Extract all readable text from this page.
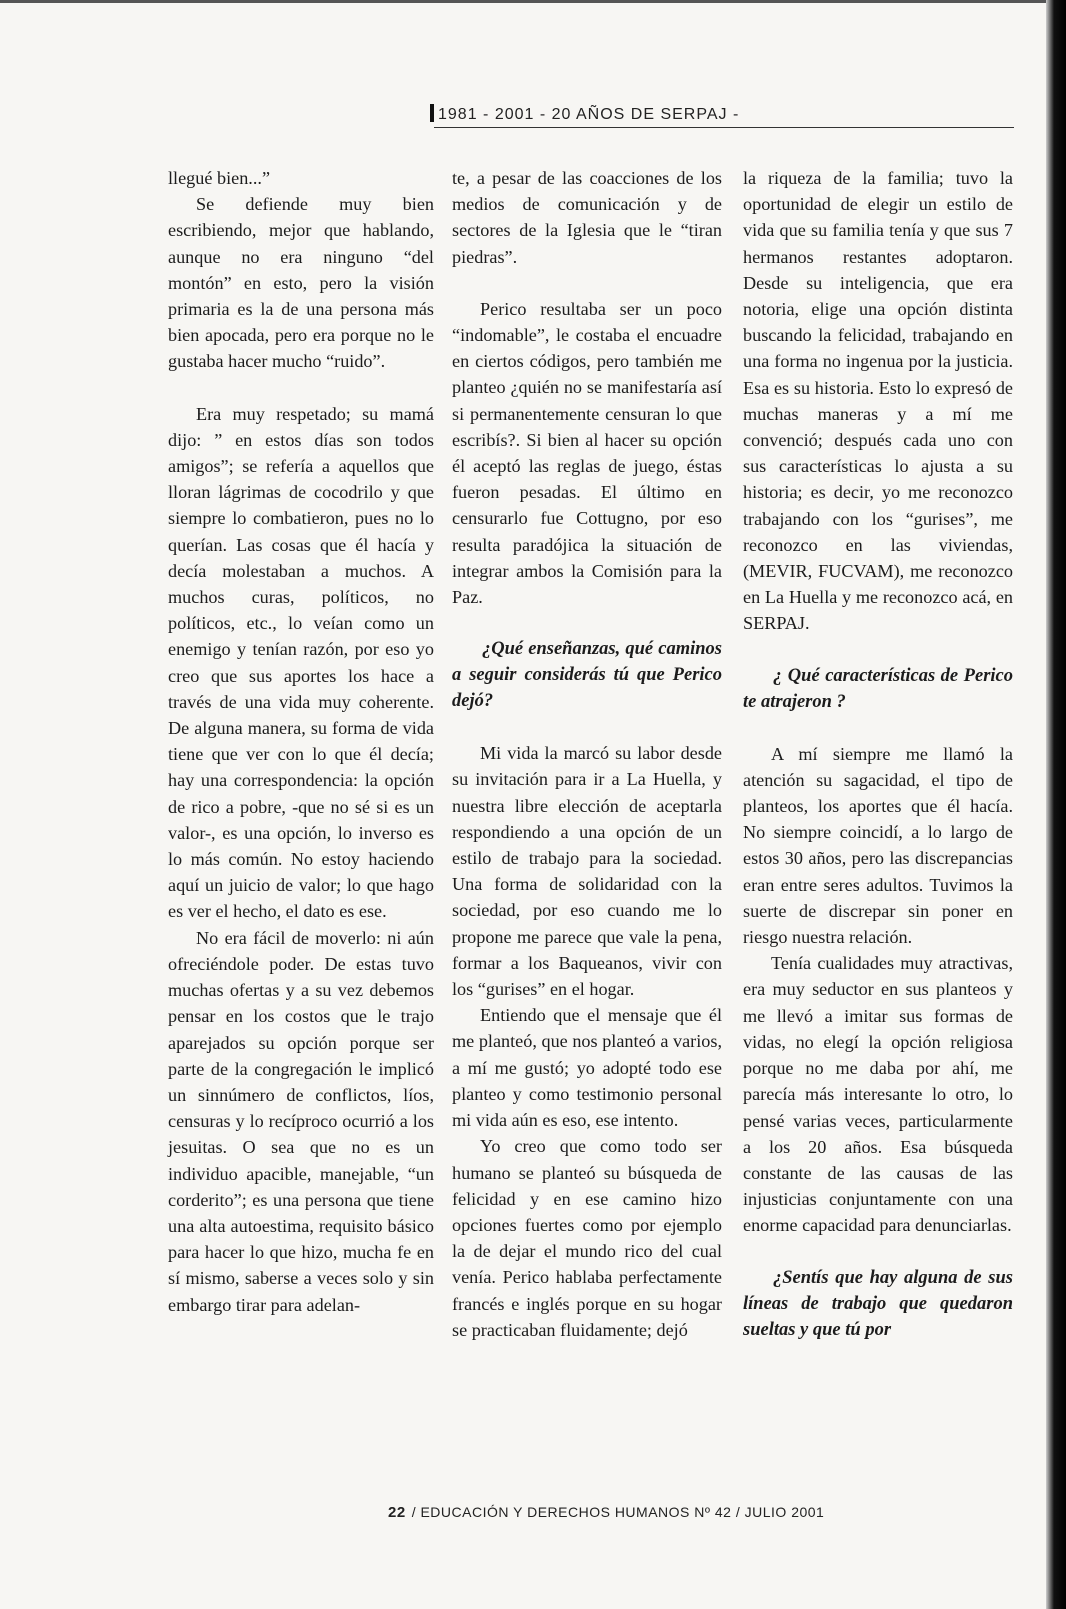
1981 - 2001 - 20 AÑOS DE SERPAJ -

llegué bien...”

Se defiende muy bien escribiendo, mejor que hablando, aunque no era ninguno “del montón” en esto, pero la visión primaria es la de una persona más bien apocada, pero era porque no le gustaba hacer mucho “ruido”.

Era muy respetado; su mamá dijo: ” en estos días son todos amigos”; se refería a aquellos que lloran lágrimas de cocodrilo y que siempre lo combatieron, pues no lo querían. Las cosas que él hacía y decía molestaban a muchos. A muchos curas, políticos, no políticos, etc., lo veían como un enemigo y tenían razón, por eso yo creo que sus aportes los hace a través de una vida muy coherente. De alguna manera, su forma de vida tiene que ver con lo que él decía; hay una correspondencia: la opción de rico a pobre, -que no sé si es un valor-, es una opción, lo inverso es lo más común. No estoy haciendo aquí un juicio de valor; lo que hago es ver el hecho, el dato es ese.

No era fácil de moverlo: ni aún ofreciéndole poder. De estas tuvo muchas ofertas y a su vez debemos pensar en los costos que le trajo aparejados su opción porque ser parte de la congregación le implicó un sinnúmero de conflictos, líos, censuras y lo recíproco ocurrió a los jesuitas. O sea que no es un individuo apacible, manejable, “un corderito”; es una persona que tiene una alta autoestima, requisito básico para hacer lo que hizo, mucha fe en sí mismo, saberse a veces solo y sin embargo tirar para adelan-

te, a pesar de las coacciones de los medios de comunicación y de sectores de la Iglesia que le “tiran piedras”.

Perico resultaba ser un poco “indomable”, le costaba el encuadre en ciertos códigos, pero también me planteo ¿quién no se manifestaría así si permanentemente censuran lo que escribís?. Si bien al hacer su opción él aceptó las reglas de juego, éstas fueron pesadas. El último en censurarlo fue Cottugno, por eso resulta paradójica la situación de integrar ambos la Comisión para la Paz.

¿Qué enseñanzas, qué caminos a seguir considerás tú que Perico dejó?

Mi vida la marcó su labor desde su invitación para ir a La Huella, y nuestra libre elección de aceptarla respondiendo a una opción de un estilo de trabajo para la sociedad. Una forma de solidaridad con la sociedad, por eso cuando me lo propone me parece que vale la pena, formar a los Baqueanos, vivir con los “gurises” en el hogar.

Entiendo que el mensaje que él me planteó, que nos planteó a varios, a mí me gustó; yo adopté todo ese planteo y como testimonio personal mi vida aún es eso, ese intento.

Yo creo que como todo ser humano se planteó su búsqueda de felicidad y en ese camino hizo opciones fuertes como por ejemplo la de dejar el mundo rico del cual venía. Perico hablaba perfectamente francés e inglés porque en su hogar se practicaban fluidamente; dejó

la riqueza de la familia; tuvo la oportunidad de elegir un estilo de vida que su familia tenía y que sus 7 hermanos restantes adoptaron. Desde su inteligencia, que era notoria, elige una opción distinta buscando la felicidad, trabajando en una forma no ingenua por la justicia. Esa es su historia. Esto lo expresó de muchas maneras y a mí me convenció; después cada uno con sus características lo ajusta a su historia; es decir, yo me reconozco trabajando con los “gurises”, me reconozco en las viviendas, (MEVIR, FUCVAM), me reconozco en La Huella y me reconozco acá, en SERPAJ.

¿ Qué características de Perico te atrajeron ?

A mí siempre me llamó la atención su sagacidad, el tipo de planteos, los aportes que él hacía. No siempre coincidí, a lo largo de estos 30 años, pero las discrepancias eran entre seres adultos. Tuvimos la suerte de discrepar sin poner en riesgo nuestra relación.

Tenía cualidades muy atractivas, era muy seductor en sus planteos y me llevó a imitar sus formas de vidas, no elegí la opción religiosa porque no me daba por ahí, me parecía más interesante lo otro, lo pensé varias veces, particularmente a los 20 años. Esa búsqueda constante de las causas de las injusticias conjuntamente con una enorme capacidad para denunciarlas.

¿Sentís que hay alguna de sus líneas de trabajo que quedaron sueltas y que tú por

22 / EDUCACIÓN Y DERECHOS HUMANOS Nº 42 / JULIO 2001
